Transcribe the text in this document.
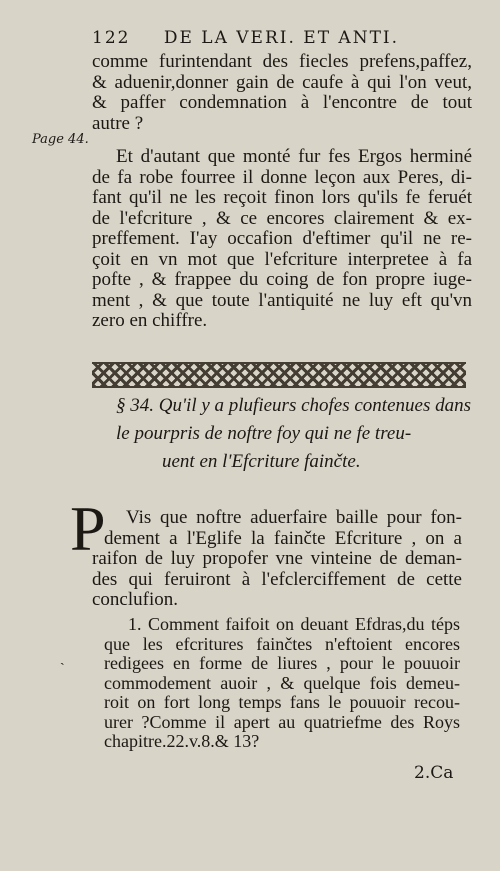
122 DE LA VERI. ET ANTI.
Page 44.
comme furintendant des fiecles prefens,paffez,
& aduenir,donner gain de caufe à qui l'on veut,
& paffer condemnation à l'encontre de tout
autre ?
Et d'autant que monté fur fes Ergos herminé
de fa robe fourree il donne leçon aux Peres, di-
fant qu'il ne les reçoit finon lors qu'ils fe feruét
de l'efcriture , & ce encores clairement & ex-
preffement. I'ay occafion d'eftimer qu'il ne re-
çoit en vn mot que l'efcriture interpretee à fa
pofte , & frappee du coing de fon propre iuge-
ment , & que toute l'antiquité ne luy eft qu'vn
zero en chiffre.
§ 34. Qu'il y a plufieurs chofes contenues dans
le pourpris de noftre foy qui ne fe treu-
uent en l'Efcriture fainčte.
P	Vis que noftre aduerfaire baille pour fon-
dement a l'Eglife la fainčte Efcriture , on a
raifon de luy propofer vne vinteine de deman-
des qui feruiront à l'efclerciffement de cette
conclufion.
ˎ
1. Comment faifoit on deuant Efdras,du téps
que les efcritures fainčtes n'eftoient encores
redigees en forme de liures , pour le pouuoir
commodement auoir , & quelque fois demeu-
roit on fort long temps fans le pouuoir recou-
urer ?Comme il apert au quatriefme des Roys
chapitre.22.v.8.& 13?
2.Ca
